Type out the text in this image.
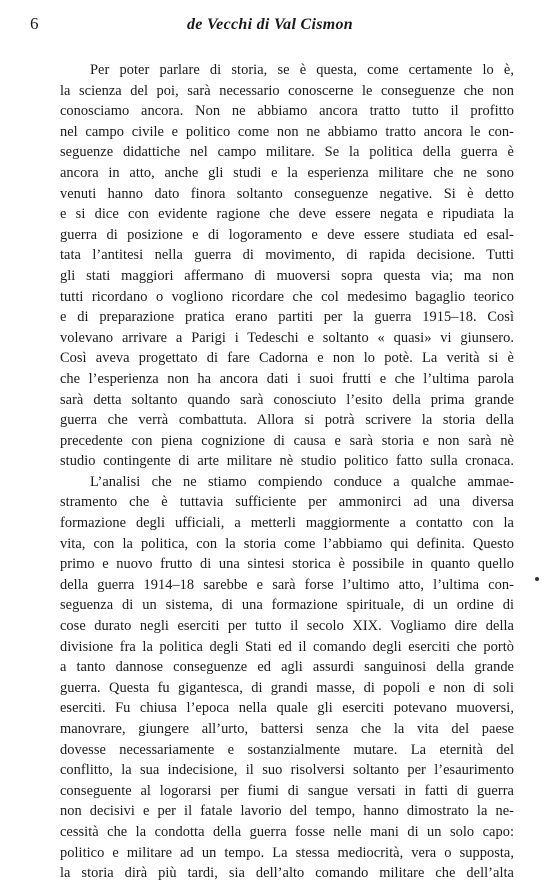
6	de Vecchi di Val Cismon
Per poter parlare di storia, se è questa, come certamente lo è,
la scienza del poi, sarà necessario conoscerne le conseguenze che non
conosciamo ancora. Non ne abbiamo ancora tratto tutto il profitto
nel campo civile e politico come non ne abbiamo tratto ancora le con-
seguenze didattiche nel campo militare. Se la politica della guerra è
ancora in atto, anche gli studi e la esperienza militare che ne sono
venuti hanno dato finora soltanto conseguenze negative. Si è detto
e si dice con evidente ragione che deve essere negata e ripudiata la
guerra di posizione e di logoramento e deve essere studiata ed esal-
tata l’antitesi nella guerra di movimento, di rapida decisione. Tutti
gli stati maggiori affermano di muoversi sopra questa via; ma non
tutti ricordano o vogliono ricordare che col medesimo bagaglio teorico
e di preparazione pratica erano partiti per la guerra 1915–18. Così
volevano arrivare a Parigi i Tedeschi e soltanto « quasi» vi giunsero.
Così aveva progettato di fare Cadorna e non lo potè. La verità si è
che l’esperienza non ha ancora dati i suoi frutti e che l’ultima parola
sarà detta soltanto quando sarà conosciuto l’esito della prima grande
guerra che verrà combattuta. Allora si potrà scrivere la storia della
precedente con piena cognizione di causa e sarà storia e non sarà nè
studio contingente di arte militare nè studio politico fatto sulla cronaca.
L’analisi che ne stiamo compiendo conduce a qualche ammae-
stramento che è tuttavia sufficiente per ammonirci ad una diversa
formazione degli ufficiali, a metterli maggiormente a contatto con la
vita, con la politica, con la storia come l’abbiamo qui definita. Questo
primo e nuovo frutto di una sintesi storica è possibile in quanto quello
della guerra 1914–18 sarebbe e sarà forse l’ultimo atto, l’ultima con-
seguenza di un sistema, di una formazione spirituale, di un ordine di
cose durato negli eserciti per tutto il secolo XIX. Vogliamo dire della
divisione fra la politica degli Stati ed il comando degli eserciti che portò
a tanto dannose conseguenze ed agli assurdi sanguinosi della grande
guerra. Questa fu gigantesca, di grandi masse, di popoli e non di soli
eserciti. Fu chiusa l’epoca nella quale gli eserciti potevano muoversi,
manovrare, giungere all’urto, battersi senza che la vita del paese
dovesse necessariamente e sostanzialmente mutare. La eternità del
conflitto, la sua indecisione, il suo risolversi soltanto per l’esaurimento
conseguente al logorarsi per fiumi di sangue versati in fatti di guerra
non decisivi e per il fatale lavorio del tempo, hanno dimostrato la ne-
cessità che la condotta della guerra fosse nelle mani di un solo capo:
politico e militare ad un tempo. La stessa mediocrità, vera o supposta,
la storia dirà più tardi, sia dell’alto comando militare che dell’alta
